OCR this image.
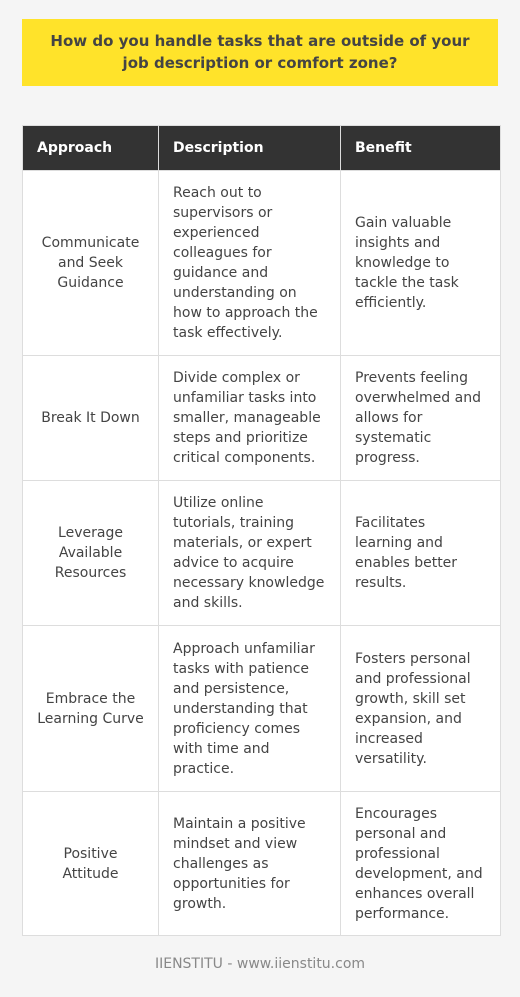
How do you handle tasks that are outside of your job description or comfort zone?
Approach	Description	Benefit
Communicate and Seek Guidance	Reach out to supervisors or experienced colleagues for guidance and understanding on how to approach the task effectively.	Gain valuable insights and knowledge to tackle the task efficiently.
Break It Down	Divide complex or unfamiliar tasks into smaller, manageable steps and prioritize critical components.	Prevents feeling overwhelmed and allows for systematic progress.
Leverage Available Resources	Utilize online tutorials, training materials, or expert advice to acquire necessary knowledge and skills.	Facilitates learning and enables better results.
Embrace the Learning Curve	Approach unfamiliar tasks with patience and persistence, understanding that proficiency comes with time and practice.	Fosters personal and professional growth, skill set expansion, and increased versatility.
Positive Attitude	Maintain a positive mindset and view challenges as opportunities for growth.	Encourages personal and professional development, and enhances overall performance.
IIENSTITU - www.iienstitu.com
